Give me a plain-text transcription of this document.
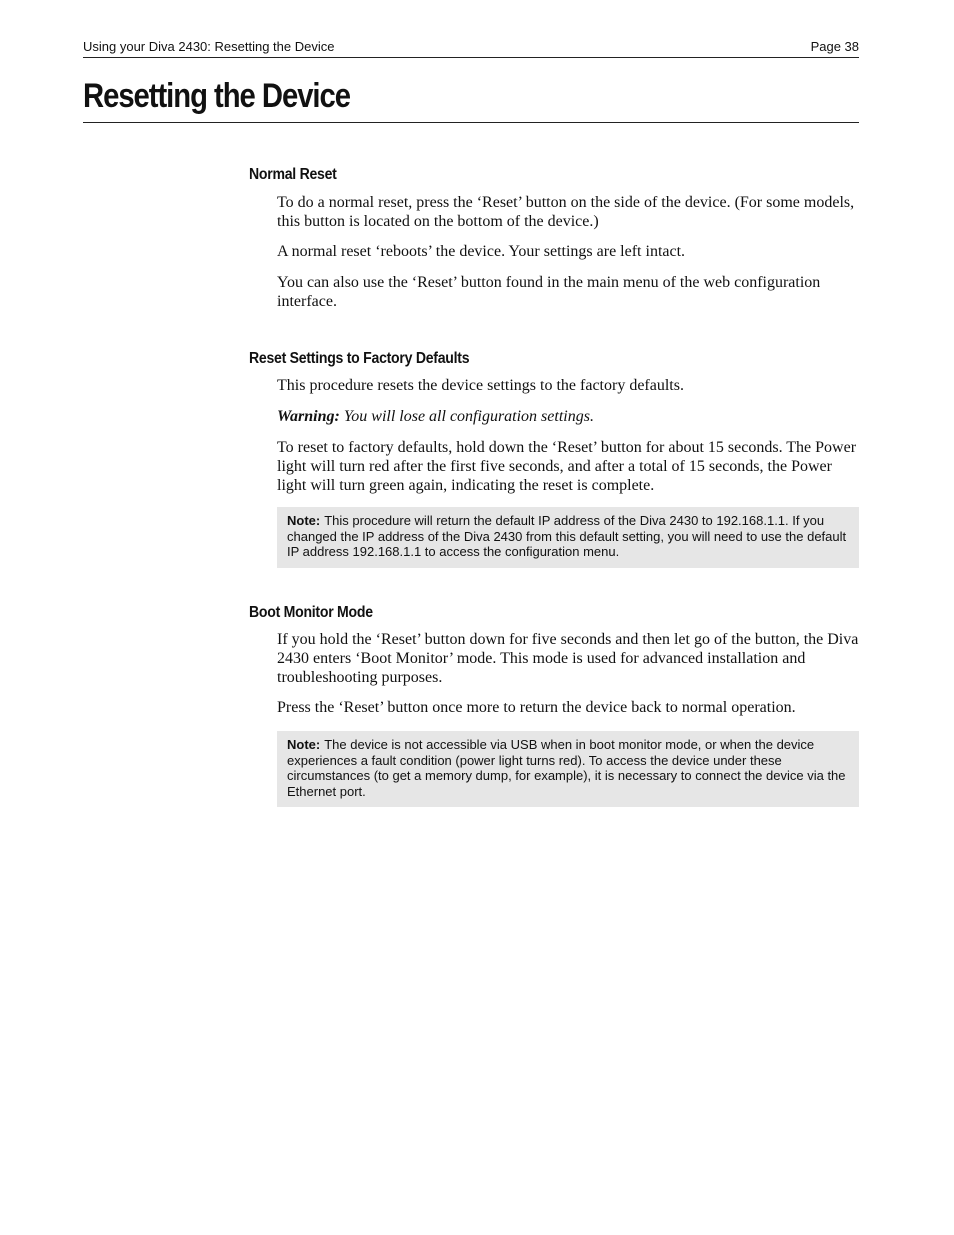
Using your Diva 2430: Resetting the Device	Page 38
Resetting the Device
Normal Reset

To do a normal reset, press the ‘Reset’ button on the side of the device. (For some models, this button is located on the bottom of the device.)

A normal reset ‘reboots’ the device. Your settings are left intact.

You can also use the ‘Reset’ button found in the main menu of the web configuration interface.

Reset Settings to Factory Defaults

This procedure resets the device settings to the factory defaults.

Warning: You will lose all configuration settings.

To reset to factory defaults, hold down the ‘Reset’ button for about 15 seconds. The Power light will turn red after the first five seconds, and after a total of 15 seconds, the Power light will turn green again, indicating the reset is complete.

Note: This procedure will return the default IP address of the Diva 2430 to 192.168.1.1. If you changed the IP address of the Diva 2430 from this default setting, you will need to use the default IP address 192.168.1.1 to access the configuration menu.
Boot Monitor Mode

If you hold the ‘Reset’ button down for five seconds and then let go of the button, the Diva 2430 enters ‘Boot Monitor’ mode. This mode is used for advanced installation and troubleshooting purposes.

Press the ‘Reset’ button once more to return the device back to normal operation.

Note: The device is not accessible via USB when in boot monitor mode, or when the device experiences a fault condition (power light turns red). To access the device under these circumstances (to get a memory dump, for example), it is necessary to connect the device via the Ethernet port.
